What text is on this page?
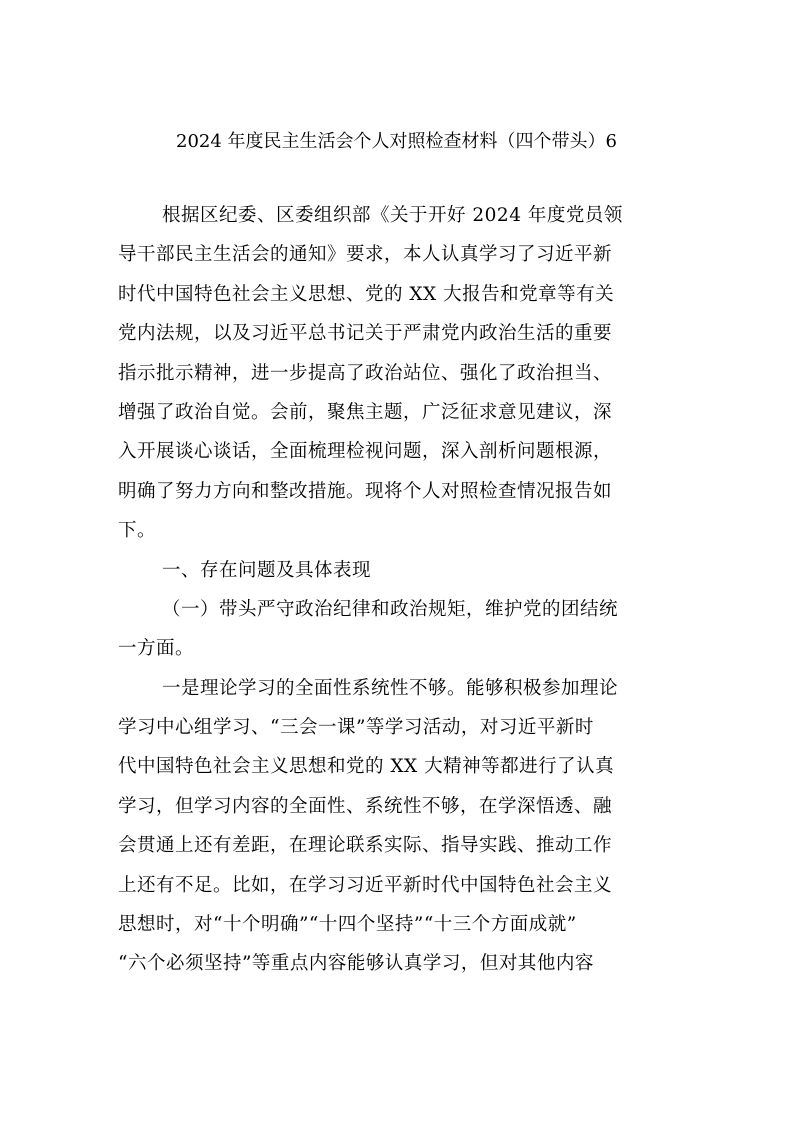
2024 年度民主生活会个人对照检查材料（四个带头）6
根据区纪委、区委组织部《关于开好 2024 年度党员领
导干部民主生活会的通知》要求，本人认真学习了习近平新
时代中国特色社会主义思想、党的 XX 大报告和党章等有关
党内法规，以及习近平总书记关于严肃党内政治生活的重要
指示批示精神，进一步提高了政治站位、强化了政治担当、
增强了政治自觉。会前，聚焦主题，广泛征求意见建议，深
入开展谈心谈话，全面梳理检视问题，深入剖析问题根源，
明确了努力方向和整改措施。现将个人对照检查情况报告如
下。
一、存在问题及具体表现
（一）带头严守政治纪律和政治规矩，维护党的团结统
一方面。
一是理论学习的全面性系统性不够。能够积极参加理论
学习中心组学习、“三会一课”等学习活动，对习近平新时
代中国特色社会主义思想和党的 XX 大精神等都进行了认真
学习，但学习内容的全面性、系统性不够，在学深悟透、融
会贯通上还有差距，在理论联系实际、指导实践、推动工作
上还有不足。比如，在学习习近平新时代中国特色社会主义
思想时，对“十个明确”“十四个坚持”“十三个方面成就”
“六个必须坚持”等重点内容能够认真学习，但对其他内容
